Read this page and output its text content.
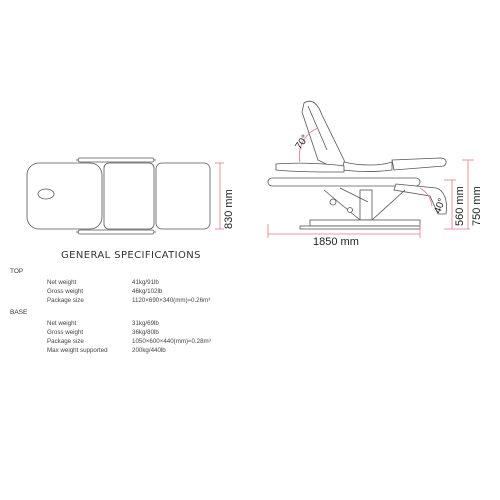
830 mm
70°
40°
1850 mm
560 mm 750 mm
GENERAL SPECIFICATIONS
TOP
Net weight	41kg/91lb
Gross weight	46kg/102lb
Package size	1120×690×340(mm)≈0.26m³
BASE
Net weight	31kg/69lb
Gross weight	36kg/80lb
Package size	1050×600×440(mm)≈0.28m³
Max weight supported	200kg/440lb
